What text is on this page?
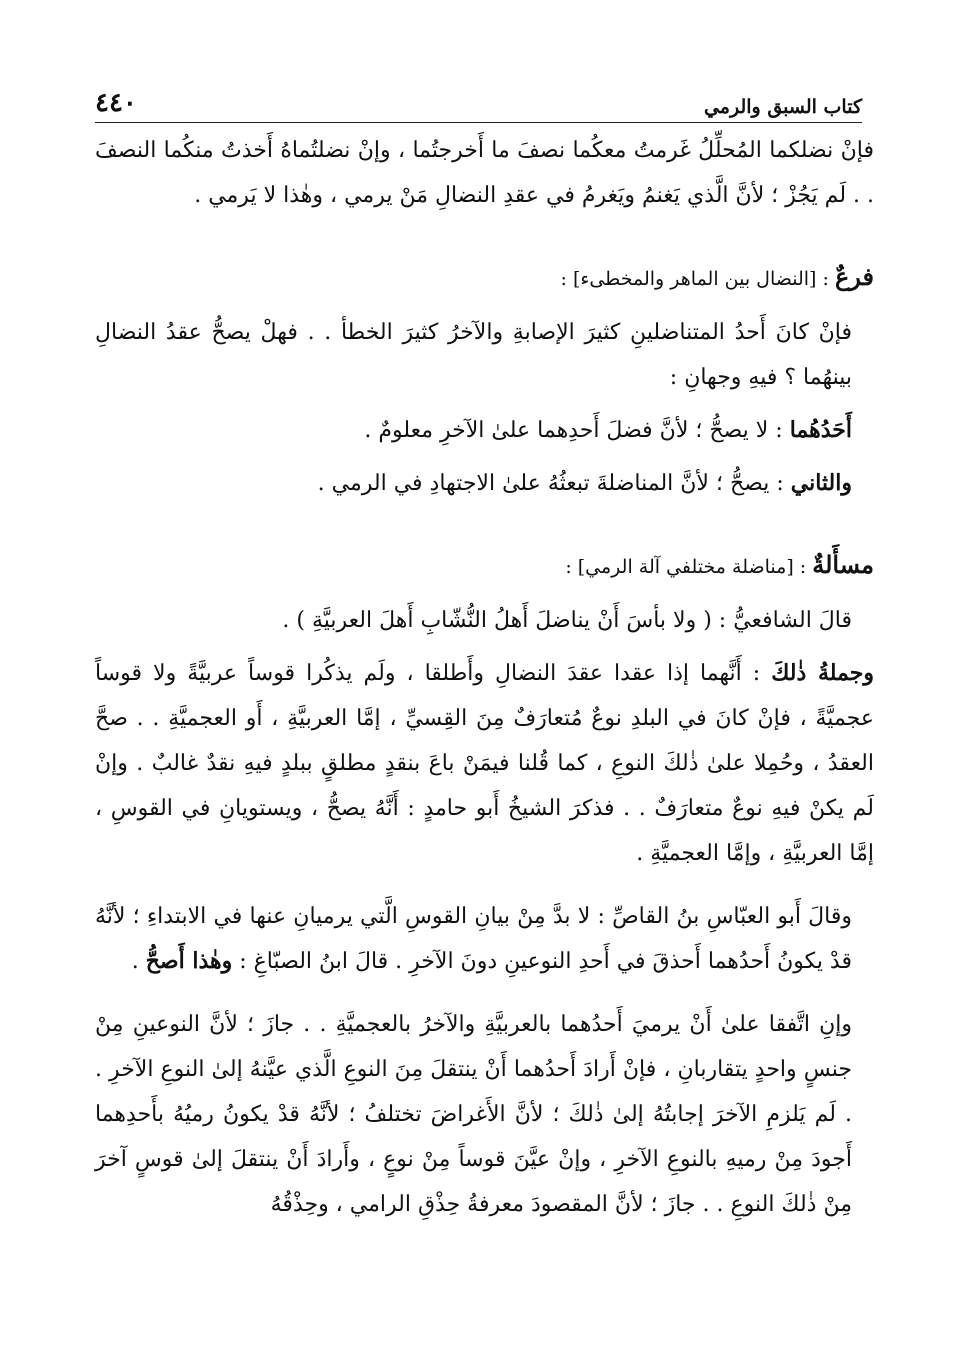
كتاب السبق والرمي
٤٤٠

فإنْ نضلكما المُحلِّلُ غَرمتُ معكُما نصفَ ما أَخرجتُما ، وإنْ نضلتُماهُ أَخذتُ منكُما النصفَ . . لَم يَجُزْ ؛ لأنَّ الَّذي يَغنمُ ويَغرمُ في عقدِ النضالِ مَنْ يرمي ، وهٰذا لا يَرمي .

فرعٌ : [النضال بين الماهر والمخطىء] :

فإنْ كانَ أَحدُ المتناضلينِ كثيرَ الإصابةِ والآخرُ كثيرَ الخطأ . . فهلْ يصحُّ عقدُ النضالِ بينهُما ؟ فيهِ وجهانِ :

أَحَدُهُما : لا يصحُّ ؛ لأنَّ فضلَ أَحدِهما علىٰ الآخرِ معلومٌ .

والثاني : يصحُّ ؛ لأنَّ المناضلةَ تبعثُهُ علىٰ الاجتهادِ في الرمي .

مسأَلةٌ : [مناضلة مختلفي آلة الرمي] :

قالَ الشافعيُّ : ( ولا بأسَ أَنْ يناضلَ أَهلُ النُّشّابِ أَهلَ العربيَّةِ ) .

وجملةُ ذٰلكَ : أَنَّهما إذا عقدا عقدَ النضالِ وأَطلقا ، ولَم يذكُرا قوساً عربيَّةً ولا قوساً عجميَّةً ، فإنْ كانَ في البلدِ نوعٌ مُتعارَفٌ مِنَ القِسيِّ ، إمَّا العربيَّةِ ، أَو العجميَّةِ . . صحَّ العقدُ ، وحُمِلا علىٰ ذٰلكَ النوعِ ، كما قُلنا فيمَنْ باعَ بنقدٍ مطلقٍ ببلدٍ فيهِ نقدٌ غالبٌ . وإنْ لَم يكنْ فيهِ نوعٌ متعارَفٌ . . فذكرَ الشيخُ أَبو حامدٍ : أَنَّهُ يصحُّ ، ويستويانِ في القوسِ ، إمَّا العربيَّةِ ، وإمَّا العجميَّةِ .

وقالَ أَبو العبّاسِ بنُ القاصِّ : لا بدَّ مِنْ بيانِ القوسِ الَّتي يرميانِ عنها في الابتداءِ ؛ لأنَّهُ قدْ يكونُ أَحدُهما أَحذقَ في أَحدِ النوعينِ دونَ الآخرِ . قالَ ابنُ الصبّاغِ : وهٰذا أَصحُّ .

وإنِ اتَّفقا علىٰ أَنْ يرميَ أَحدُهما بالعربيَّةِ والآخرُ بالعجميَّةِ . . جازَ ؛ لأنَّ النوعينِ مِنْ جنسٍ واحدٍ يتقاربانِ ، فإنْ أَرادَ أَحدُهما أَنْ ينتقلَ مِنَ النوعِ الَّذي عيَّنهُ إلىٰ النوعِ الآخرِ . . لَم يَلزمِ الآخرَ إجابتُهُ إلىٰ ذٰلكَ ؛ لأنَّ الأَغراضَ تختلفُ ؛ لأنَّهُ قدْ يكونُ رميُهُ بأَحدِهما أَجودَ مِنْ رميهِ بالنوعِ الآخرِ ، وإنْ عيَّنَ قوساً مِنْ نوعٍ ، وأَرادَ أَنْ ينتقلَ إلىٰ قوسٍ آخرَ مِنْ ذٰلكَ النوعِ . . جازَ ؛ لأنَّ المقصودَ معرفةُ حِذْقِ الرامي ، وحِذْقُهُ
